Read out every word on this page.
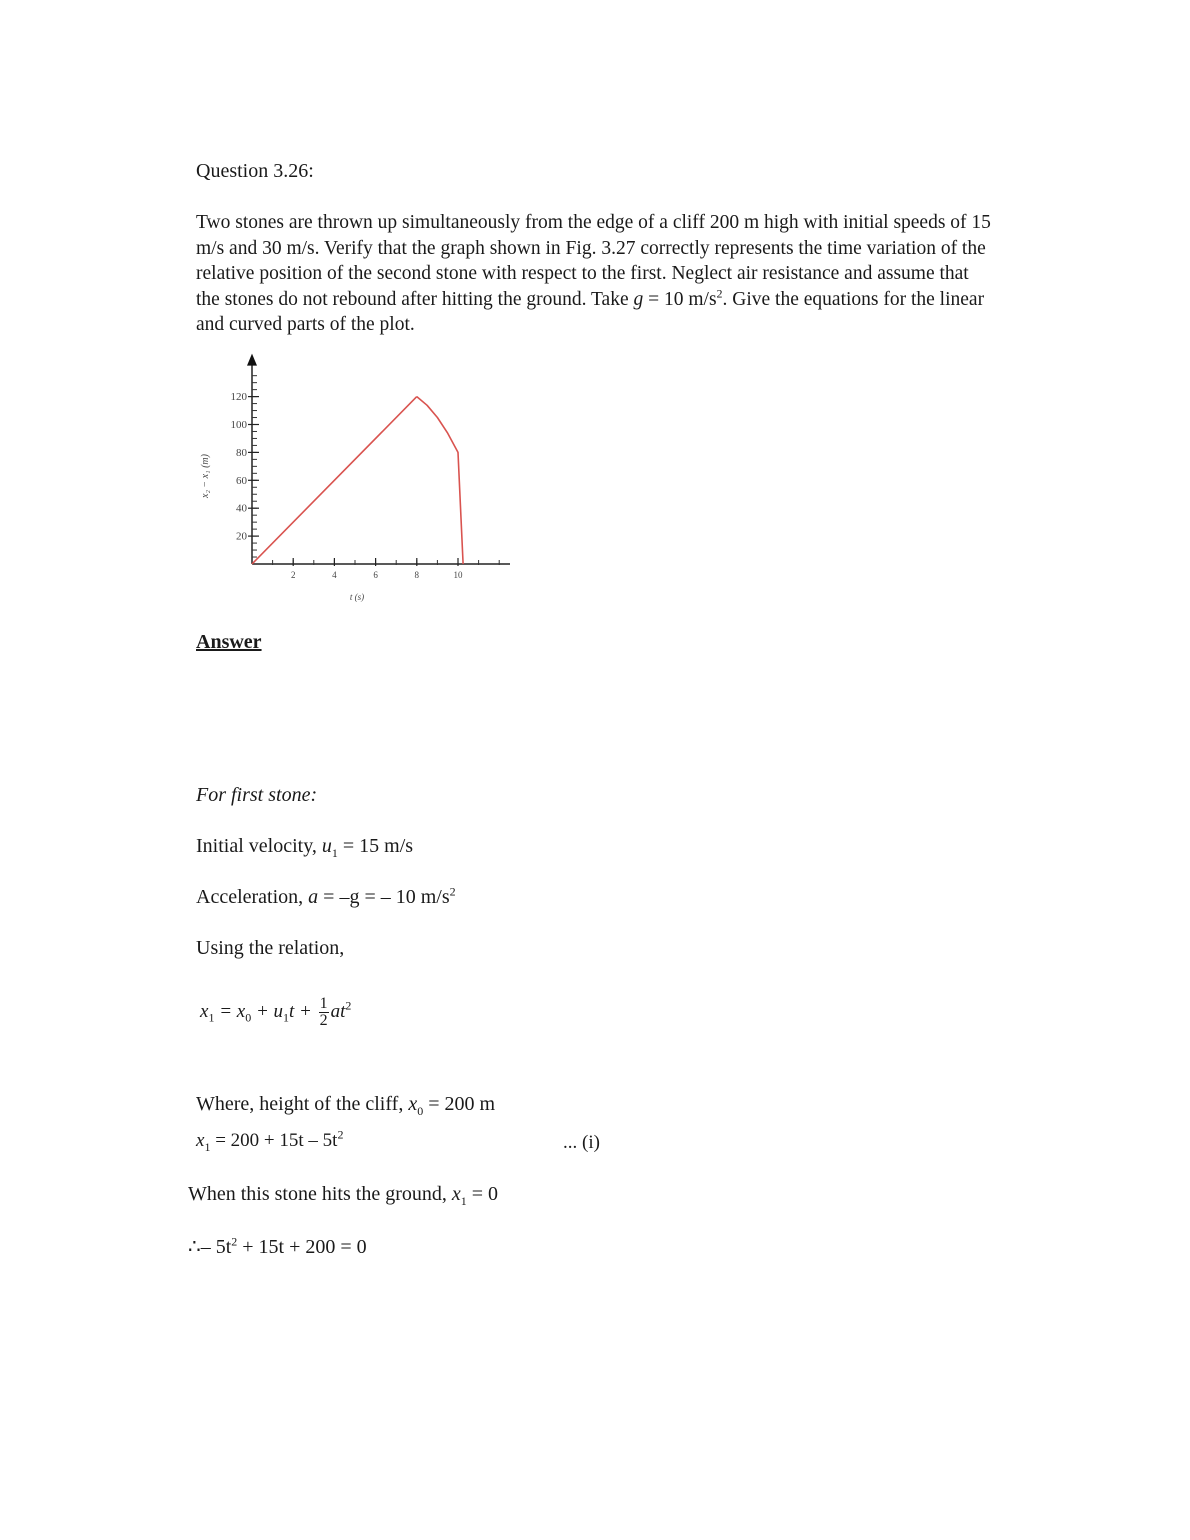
Question 3.26:

Two stones are thrown up simultaneously from the edge of a cliff 200 m high with initial speeds of 15 m/s and 30 m/s. Verify that the graph shown in Fig. 3.27 correctly represents the time variation of the relative position of the second stone with respect to the first. Neglect air resistance and assume that the stones do not rebound after hitting the ground. Take g = 10 $m/s^2$. Give the equations for the linear and curved parts of the plot.

2	4	6	8	10
20
40
60
80
100
120
t (s)
x₂ − x₁ (m)
Answer
For first stone:
Initial velocity, $u_1 = 15$ m/s
Acceleration, a = –g = – 10 $m/s^2$
Using the relation,
$x_1 = x_0 + u_1t + \frac{1}{2} at^2$
Where, height of the cliff, $x_0 = 200$ m
$x_1 = 200 + 15t - 5t^2$	... (i)
When this stone hits the ground, $x_1 = 0$
∴– $5t^2 + 15t + 200 = 0$
